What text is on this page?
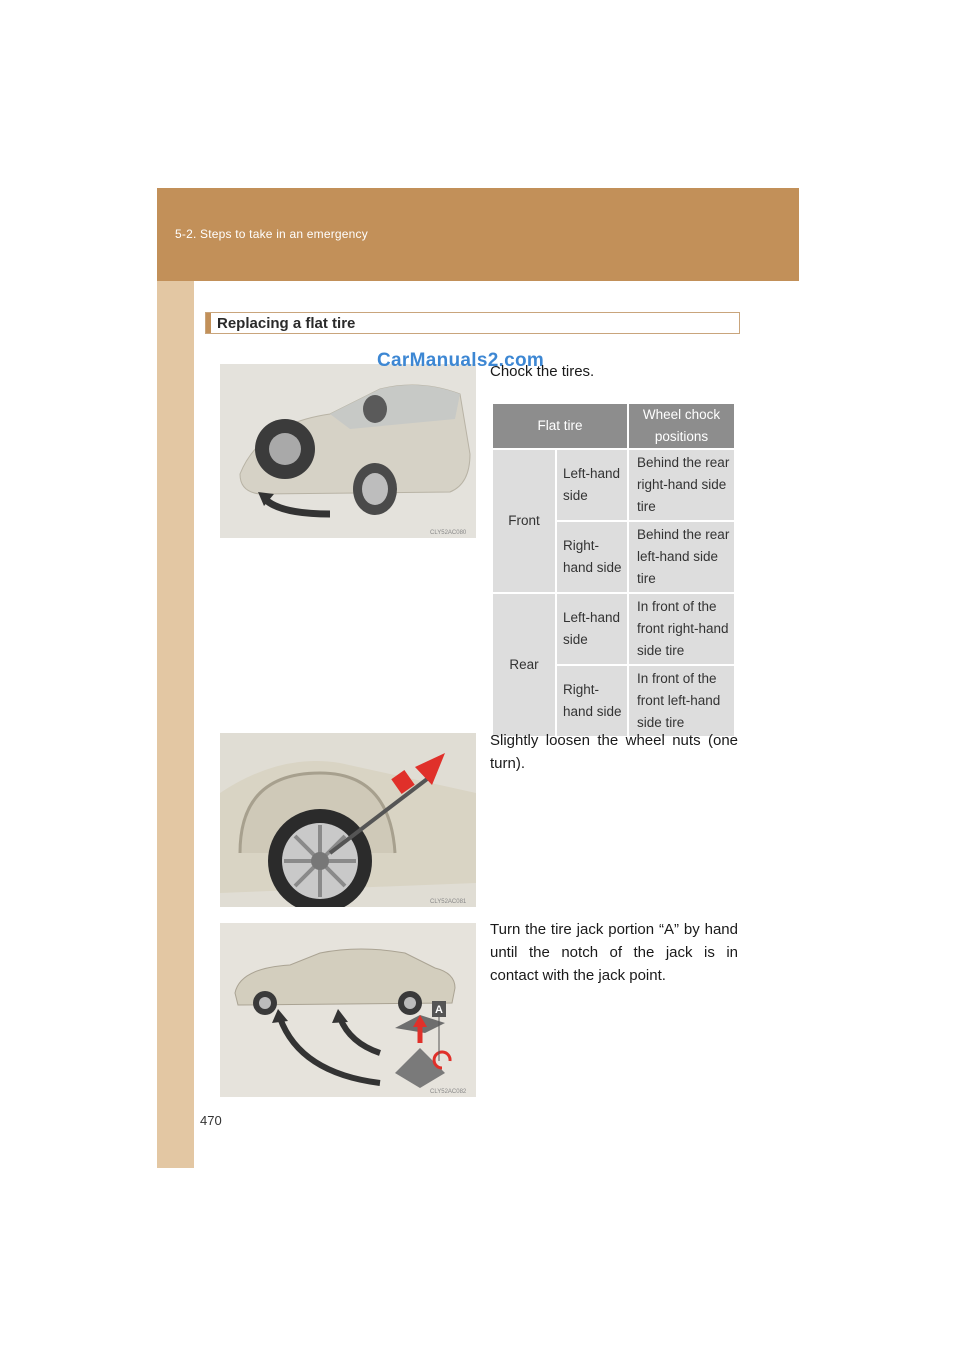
5-2. Steps to take in an emergency
Replacing a flat tire
CLY52AC080
CarManuals2.com
Chock the tires.
Flat tire		Wheel chock positions
Front	Left-hand side	Behind the rear right-hand side tire
	Right-hand side	Behind the rear left-hand side tire
Rear	Left-hand side	In front of the front right-hand side tire
	Right-hand side	In front of the front left-hand side tire
CLY52AC081
Slightly loosen the wheel nuts (one turn).
A
CLY52AC082
Turn the tire jack portion “A” by hand until the notch of the jack is in contact with the jack point.
470
